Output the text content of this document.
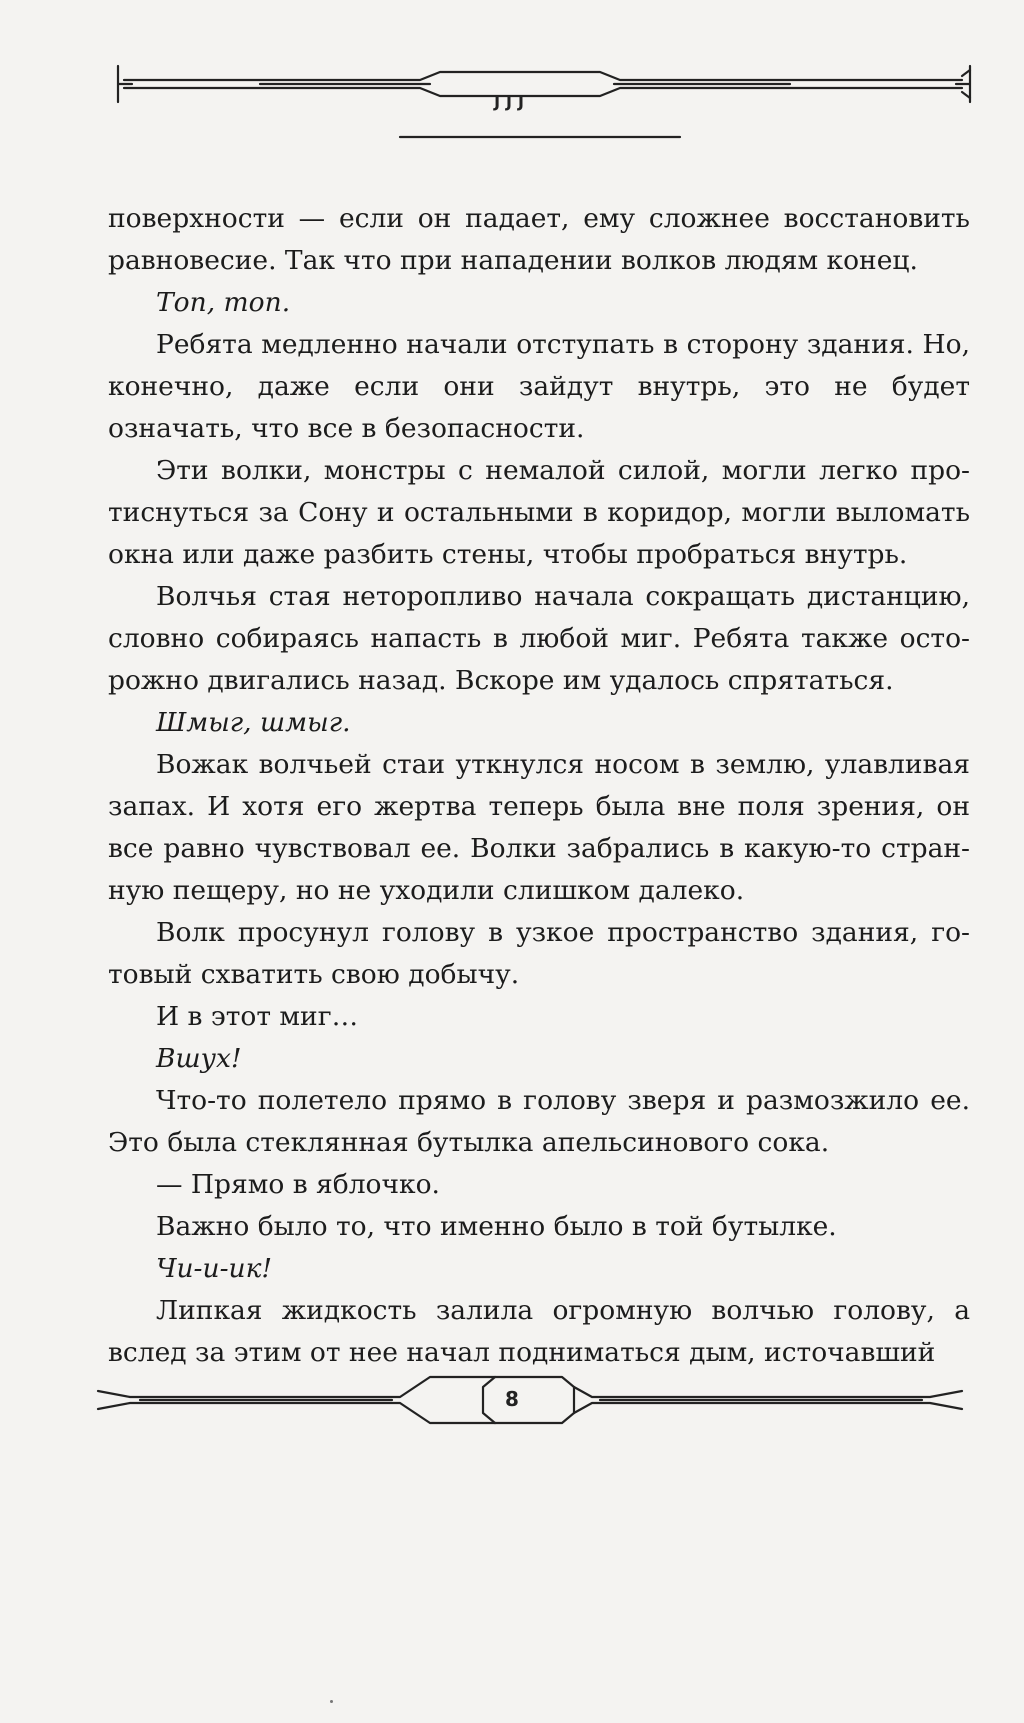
JJJ

поверхности — если он падает, ему сложнее восстановить равновесие. Так что при нападении волков людям конец.

Топ, топ.

Ребята медленно начали отступать в сторону здания. Но, конечно, даже если они зайдут внутрь, это не будет означать, что все в безопасности.

Эти волки, монстры с немалой силой, могли легко протиснуться за Сону и остальными в коридор, могли выломать окна или даже разбить стены, чтобы пробраться внутрь.

Волчья стая неторопливо начала сокращать дистанцию, словно собираясь напасть в любой миг. Ребята также осторожно двигались назад. Вскоре им удалось спрятаться.

Шмыг, шмыг.

Вожак волчьей стаи уткнулся носом в землю, улавливая запах. И хотя его жертва теперь была вне поля зрения, он все равно чувствовал ее. Волки забрались в какую-то странную пещеру, но не уходили слишком далеко.

Волк просунул голову в узкое пространство здания, готовый схватить свою добычу.

И в этот миг…

Вшух!

Что-то полетело прямо в голову зверя и размозжило ее. Это была стеклянная бутылка апельсинового сока.

— Прямо в яблочко.

Важно было то, что именно было в той бутылке.

Чи-и-ик!

Липкая жидкость залила огромную волчью голову, а вслед за этим от нее начал подниматься дым, источавший

8
